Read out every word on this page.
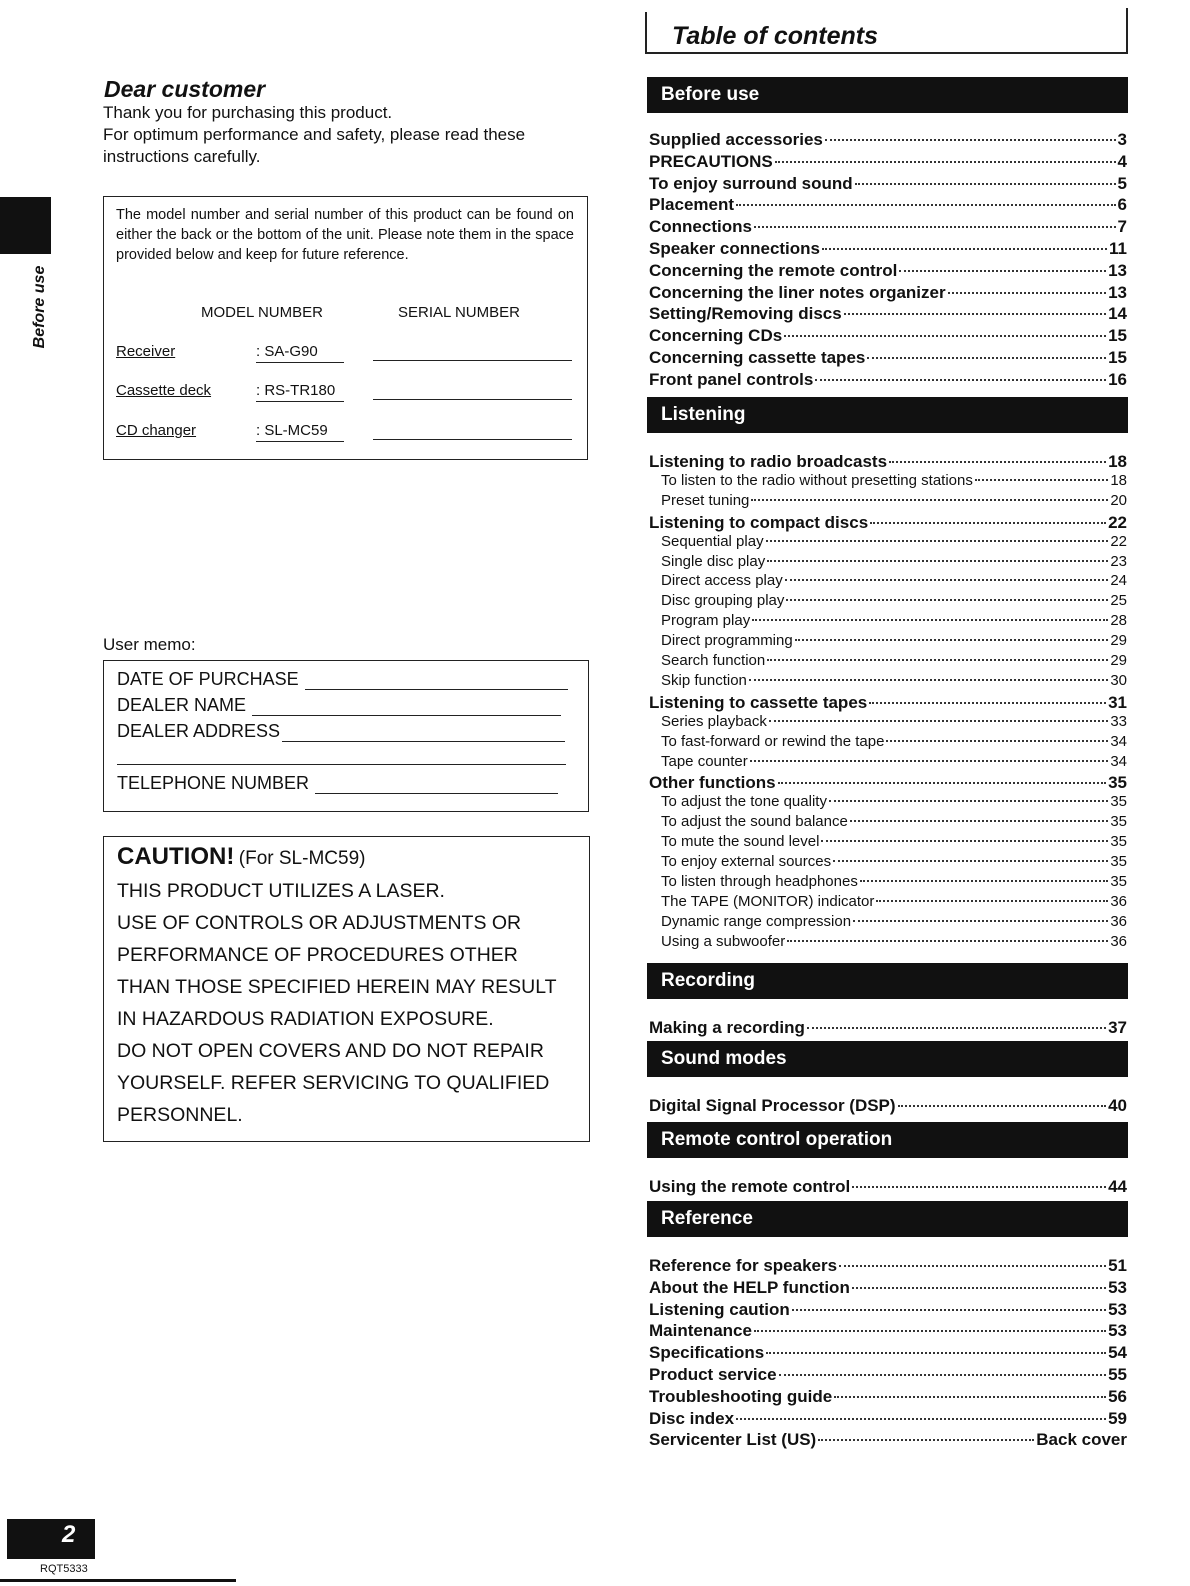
Before use
Dear customer
Thank you for purchasing this product.
For optimum performance and safety, please read these
instructions carefully.
The model number and serial number of this product can be found on either the back or the bottom of the unit. Please note them in the space provided below and keep for future reference.
MODEL NUMBER	SERIAL NUMBER
Receiver	: SA-G90
Cassette deck	: RS-TR180
CD changer	: SL-MC59
User memo:
DATE OF PURCHASE
DEALER NAME
DEALER ADDRESS
TELEPHONE NUMBER
CAUTION! (For SL-MC59)
THIS PRODUCT UTILIZES A LASER.
USE OF CONTROLS OR ADJUSTMENTS OR
PERFORMANCE OF PROCEDURES OTHER
THAN THOSE SPECIFIED HEREIN MAY RESULT
IN HAZARDOUS RADIATION EXPOSURE.
DO NOT OPEN COVERS AND DO NOT REPAIR
YOURSELF. REFER SERVICING TO QUALIFIED
PERSONNEL.
2
RQT5333
Table of contents
Before use
Supplied accessories	3
PRECAUTIONS	4
To enjoy surround sound	5
Placement	6
Connections	7
Speaker connections	11
Concerning the remote control	13
Concerning the liner notes organizer	13
Setting/Removing discs	14
Concerning CDs	15
Concerning cassette tapes	15
Front panel controls	16
Listening
Listening to radio broadcasts	18
To listen to the radio without presetting stations	18
Preset tuning	20
Listening to compact discs	22
Sequential play	22
Single disc play	23
Direct access play	24
Disc grouping play	25
Program play	28
Direct programming	29
Search function	29
Skip function	30
Listening to cassette tapes	31
Series playback	33
To fast-forward or rewind the tape	34
Tape counter	34
Other functions	35
To adjust the tone quality	35
To adjust the sound balance	35
To mute the sound level	35
To enjoy external sources	35
To listen through headphones	35
The TAPE (MONITOR) indicator	36
Dynamic range compression	36
Using a subwoofer	36
Recording
Making a recording	37
Sound modes
Digital Signal Processor (DSP)	40
Remote control operation
Using the remote control	44
Reference
Reference for speakers	51
About the HELP function	53
Listening caution	53
Maintenance	53
Specifications	54
Product service	55
Troubleshooting guide	56
Disc index	59
Servicenter List (US)	Back cover
